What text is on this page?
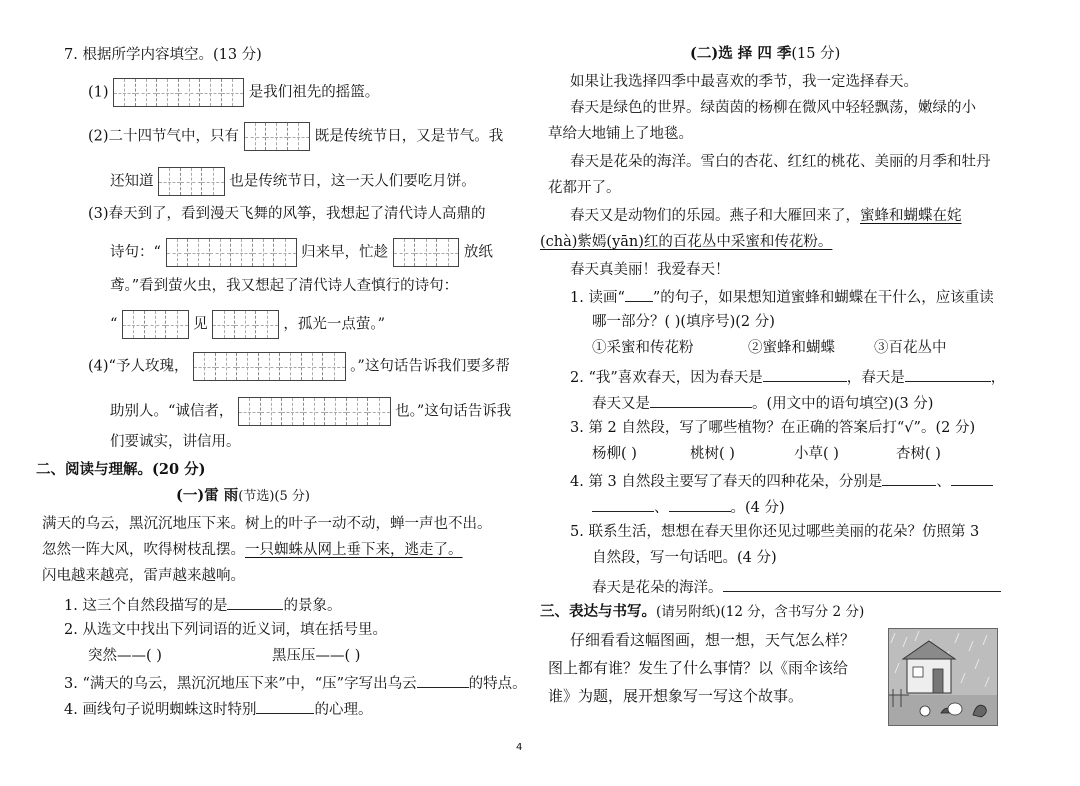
7. 根据所学内容填空。(13 分)
(1)	是我们祖先的摇篮。
(2)二十四节气中，只有	既是传统节日，又是节气。我
还知道	也是传统节日，这一天人们要吃月饼。
(3)春天到了，看到漫天飞舞的风筝，我想起了清代诗人高鼎的
诗句：“	归来早，忙趁	放纸
鸢。”看到萤火虫，我又想起了清代诗人查慎行的诗句：
“	见	，孤光一点萤。”
(4)“予人玫瑰，	。”这句话告诉我们要多帮
助别人。“诚信者，	也。”这句话告诉我
们要诚实，讲信用。
二、阅读与理解。(20 分)
(一)雷 雨(节选)(5 分)
满天的乌云，黑沉沉地压下来。树上的叶子一动不动，蝉一声也不出。
忽然一阵大风，吹得树枝乱摆。一只蜘蛛从网上垂下来，逃走了。
闪电越来越亮，雷声越来越响。
1. 这三个自然段描写的是	的景象。
2. 从选文中找出下列词语的近义词，填在括号里。
突然——( )	黑压压——( )
3. “满天的乌云，黑沉沉地压下来”中，“压”字写出乌云	的特点。
4. 画线句子说明蜘蛛这时特别	的心理。
(二)选 择 四 季(15 分)
如果让我选择四季中最喜欢的季节，我一定选择春天。
春天是绿色的世界。绿茵茵的杨柳在微风中轻轻飘荡，嫩绿的小
草给大地铺上了地毯。
春天是花朵的海洋。雪白的杏花、红红的桃花、美丽的月季和牡丹
花都开了。
春天又是动物们的乐园。燕子和大雁回来了，蜜蜂和蝴蝶在姹
(chà)紫嫣(yān)红的百花丛中采蜜和传花粉。
春天真美丽！我爱春天！
1. 读画“ ”的句子，如果想知道蜜蜂和蝴蝶在干什么，应该重读
哪一部分？( )(填序号)(2 分)
①采蜜和传花粉	②蜜蜂和蝴蝶	③百花丛中
2. “我”喜欢春天，因为春天是	，春天是	，
春天又是	。(用文中的语句填空)(3 分)
3. 第 2 自然段，写了哪些植物？在正确的答案后打“√”。(2 分)
杨柳( )	桃树( )	小草( )	杏树( )
4. 第 3 自然段主要写了春天的四种花朵，分别是	、
、	。(4 分)
5. 联系生活，想想在春天里你还见过哪些美丽的花朵？仿照第 3
自然段，写一句话吧。(4 分)
春天是花朵的海洋。
三、表达与书写。(请另附纸)(12 分，含书写分 2 分)
仔细看看这幅图画，想一想，天气怎么样？
图上都有谁？发生了什么事情？以《雨伞该给
谁》为题，展开想象写一写这个故事。
4
